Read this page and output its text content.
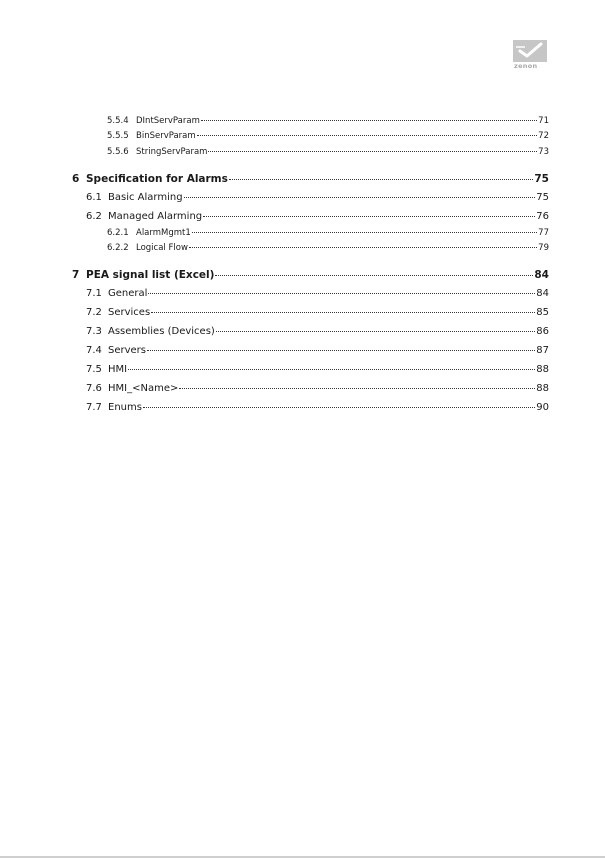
zenon
5.5.4 DIntServParam	71
5.5.5 BinServParam	72
5.5.6 StringServParam	73
6 Specification for Alarms	75
6.1 Basic Alarming	75
6.2 Managed Alarming	76
6.2.1 AlarmMgmt1	77
6.2.2 Logical Flow	79
7 PEA signal list (Excel)	84
7.1 General	84
7.2 Services	85
7.3 Assemblies (Devices)	86
7.4 Servers	87
7.5 HMI	88
7.6 HMI_<Name>	88
7.7 Enums	90
